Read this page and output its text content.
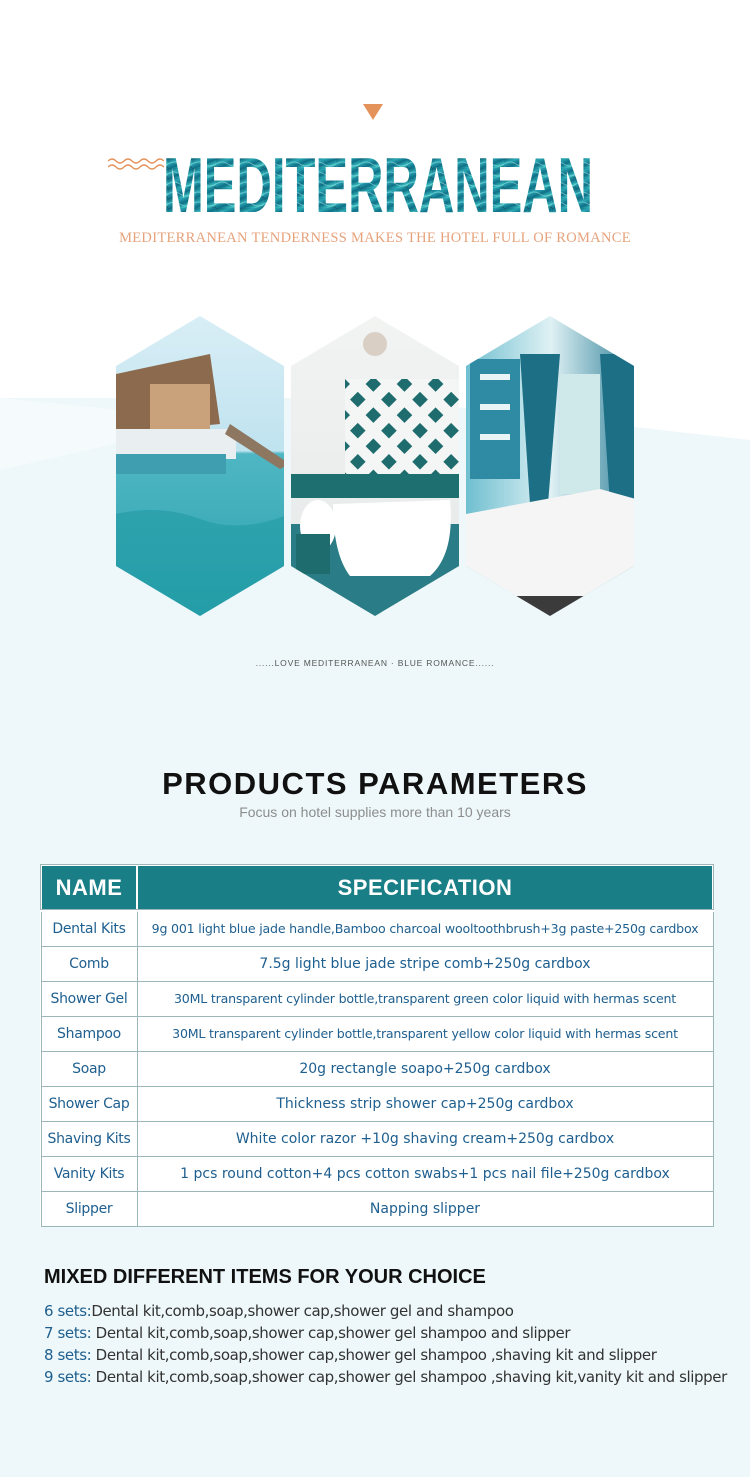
MEDITERRANEAN
MEDITERRANEAN TENDERNESS MAKES THE HOTEL FULL OF ROMANCE
......LOVE MEDITERRANEAN · BLUE ROMANCE......
PRODUCTS PARAMETERS
Focus on hotel supplies more than 10 years
NAME	SPECIFICATION
Dental Kits	9g 001 light blue jade handle,Bamboo charcoal wooltoothbrush+3g paste+250g cardbox
Comb	7.5g light blue jade stripe comb+250g cardbox
Shower Gel	30ML transparent cylinder bottle,transparent green color liquid with hermas scent
Shampoo	30ML transparent cylinder bottle,transparent yellow color liquid with hermas scent
Soap	20g rectangle soapo+250g cardbox
Shower Cap	Thickness strip shower cap+250g cardbox
Shaving Kits	White color razor +10g shaving cream+250g cardbox
Vanity Kits	1 pcs round cotton+4 pcs cotton swabs+1 pcs nail file+250g cardbox
Slipper	Napping slipper
MIXED DIFFERENT ITEMS FOR YOUR CHOICE
6 sets:Dental kit,comb,soap,shower cap,shower gel and shampoo
7 sets: Dental kit,comb,soap,shower cap,shower gel shampoo and slipper
8 sets: Dental kit,comb,soap,shower cap,shower gel shampoo ,shaving kit and slipper
9 sets: Dental kit,comb,soap,shower cap,shower gel shampoo ,shaving kit,vanity kit and slipper
